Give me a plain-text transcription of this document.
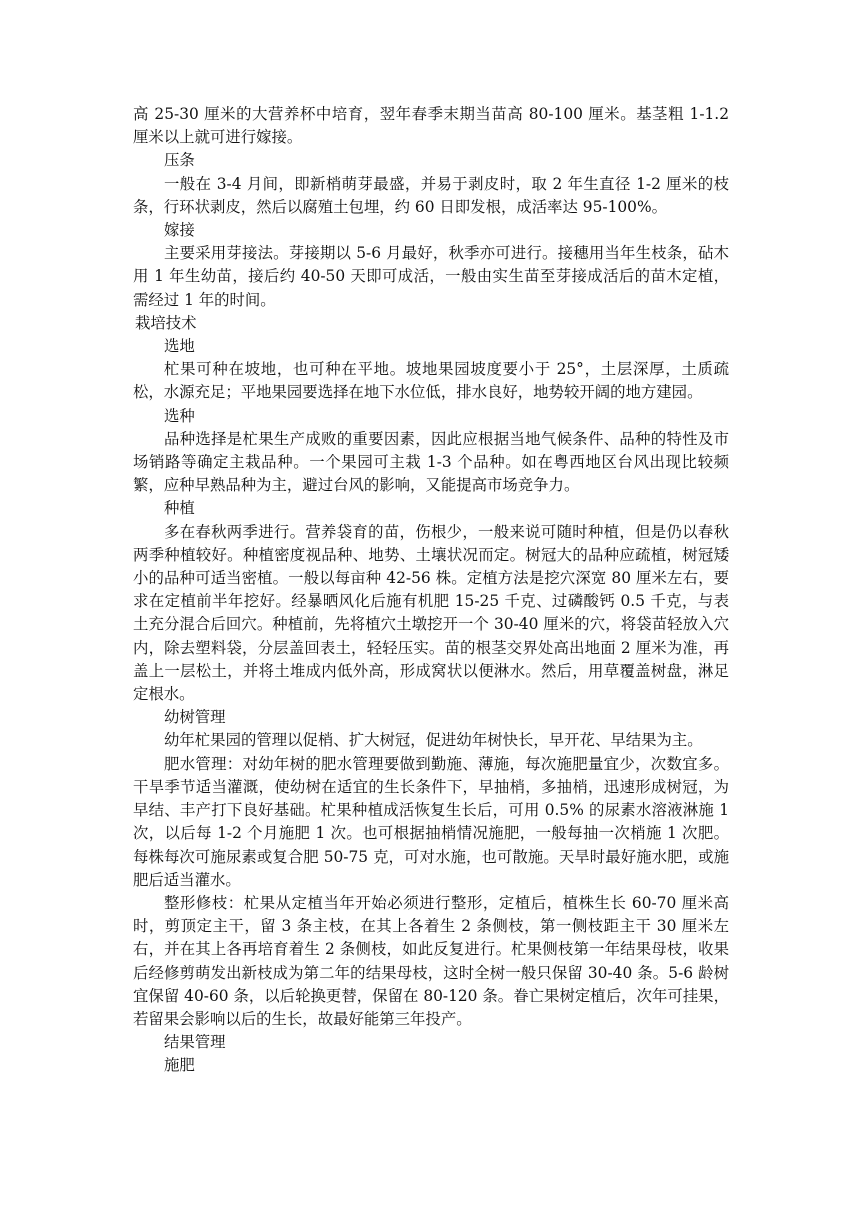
高 25-30 厘米的大营养杯中培育，翌年春季末期当苗高 80-100 厘米。基茎粗 1-1.2 厘米以上就可进行嫁接。

压条

一般在 3-4 月间，即新梢萌芽最盛，并易于剥皮时，取 2 年生直径 1-2 厘米的枝条，行环状剥皮，然后以腐殖土包埋，约 60 日即发根，成活率达 95-100%。

嫁接

主要采用芽接法。芽接期以 5-6 月最好，秋季亦可进行。接穗用当年生枝条，砧木用 1 年生幼苗，接后约 40-50 天即可成活，一般由实生苗至芽接成活后的苗木定植，需经过 1 年的时间。

栽培技术

选地

杧果可种在坡地，也可种在平地。坡地果园坡度要小于 25°，土层深厚，土质疏松，水源充足；平地果园要选择在地下水位低，排水良好，地势较开阔的地方建园。

选种

品种选择是杧果生产成败的重要因素，因此应根据当地气候条件、品种的特性及市场销路等确定主栽品种。一个果园可主栽 1-3 个品种。如在粤西地区台风出现比较频繁，应种早熟品种为主，避过台风的影响，又能提高市场竞争力。

种植

多在春秋两季进行。营养袋育的苗，伤根少，一般来说可随时种植，但是仍以春秋两季种植较好。种植密度视品种、地势、土壤状况而定。树冠大的品种应疏植，树冠矮小的品种可适当密植。一般以每亩种 42-56 株。定植方法是挖穴深宽 80 厘米左右，要求在定植前半年挖好。经暴晒风化后施有机肥 15-25 千克、过磷酸钙 0.5 千克，与表土充分混合后回穴。种植前，先将植穴土墩挖开一个 30-40 厘米的穴，将袋苗轻放入穴内，除去塑料袋，分层盖回表土，轻轻压实。苗的根茎交界处高出地面 2 厘米为准，再盖上一层松土，并将土堆成内低外高，形成窝状以便淋水。然后，用草覆盖树盘，淋足定根水。

幼树管理

幼年杧果园的管理以促梢、扩大树冠，促进幼年树快长，早开花、早结果为主。

肥水管理：对幼年树的肥水管理要做到勤施、薄施，每次施肥量宜少，次数宜多。干旱季节适当灌溉，使幼树在适宜的生长条件下，早抽梢，多抽梢，迅速形成树冠，为早结、丰产打下良好基础。杧果种植成活恢复生长后，可用 0.5% 的尿素水溶液淋施 1 次，以后每 1-2 个月施肥 1 次。也可根据抽梢情况施肥，一般每抽一次梢施 1 次肥。每株每次可施尿素或复合肥 50-75 克，可对水施，也可散施。天旱时最好施水肥，或施肥后适当灌水。

整形修枝：杧果从定植当年开始必须进行整形，定植后，植株生长 60-70 厘米高时，剪顶定主干，留 3 条主枝，在其上各着生 2 条侧枝，第一侧枝距主干 30 厘米左右，并在其上各再培育着生 2 条侧枝，如此反复进行。杧果侧枝第一年结果母枝，收果后经修剪萌发出新枝成为第二年的结果母枝，这时全树一般只保留 30-40 条。5-6 龄树宜保留 40-60 条，以后轮换更替，保留在 80-120 条。眷亡果树定植后，次年可挂果，若留果会影响以后的生长，故最好能第三年投产。

结果管理

施肥
